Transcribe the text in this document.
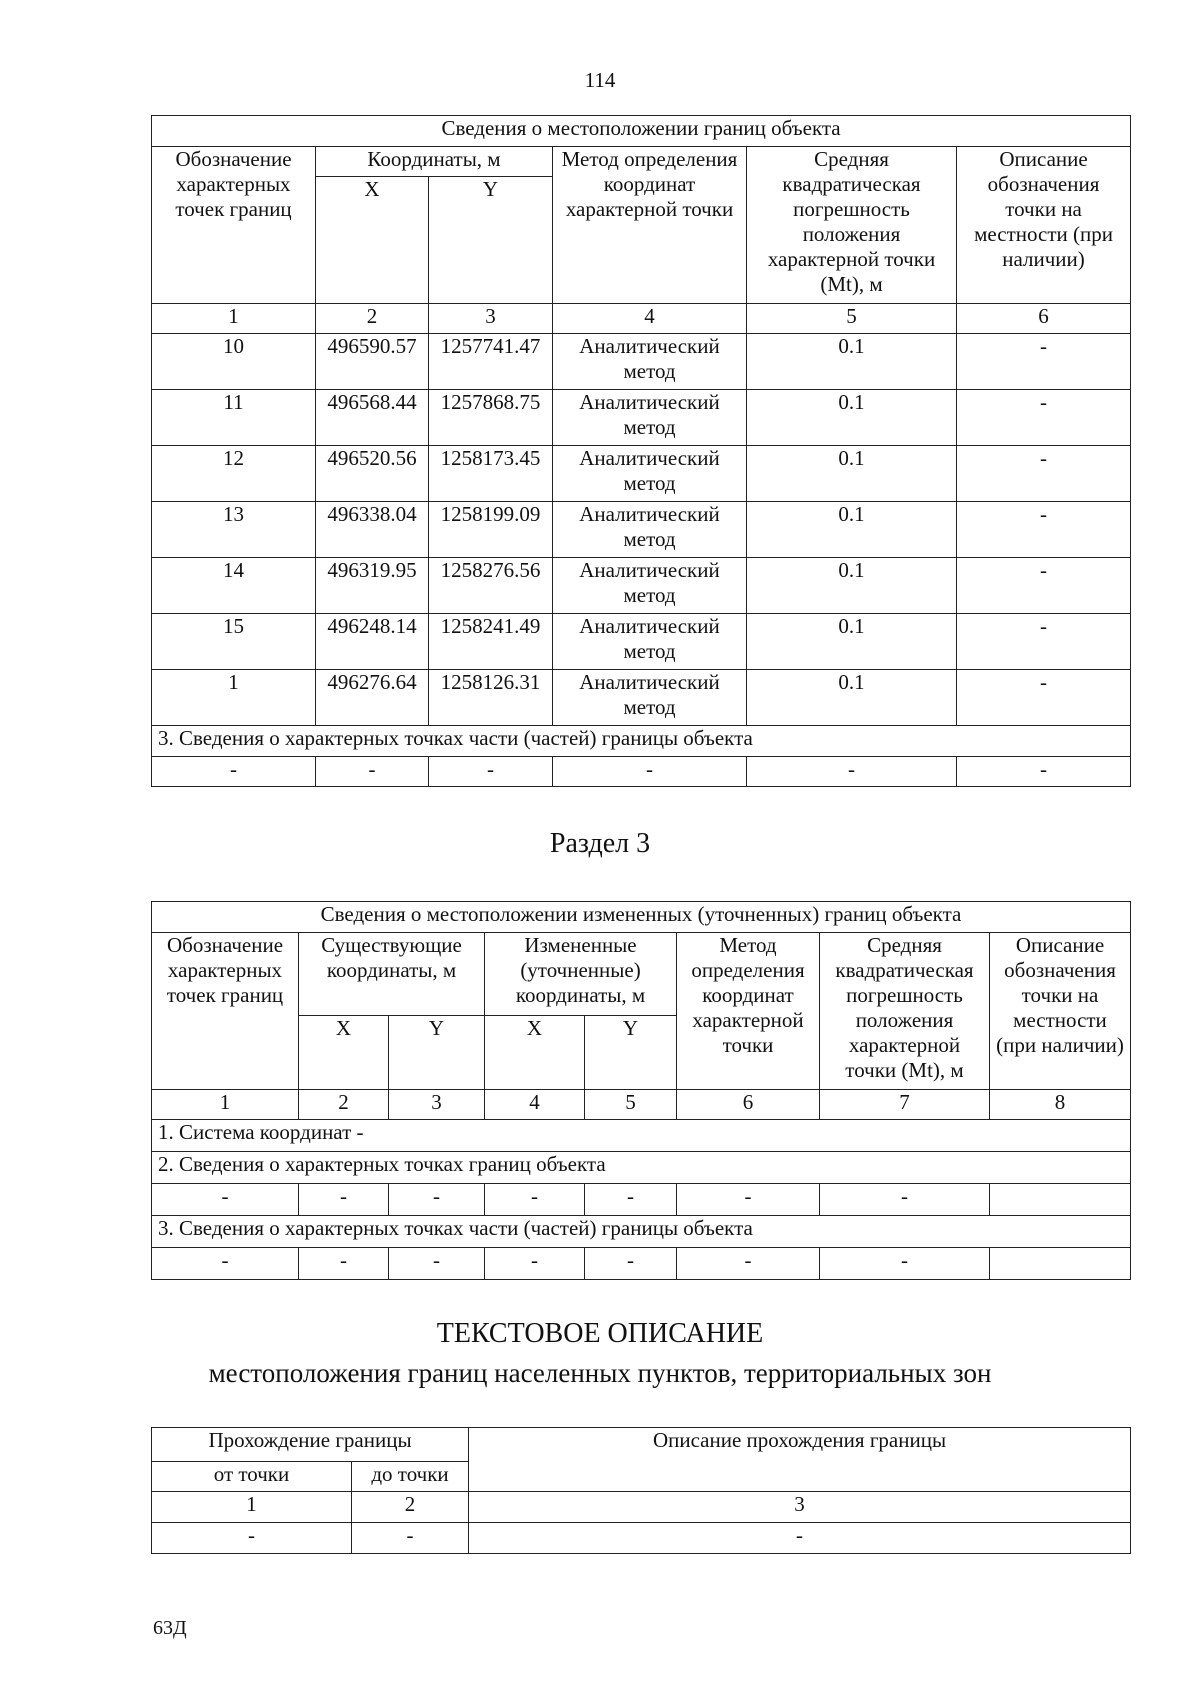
114
Сведения о местоположении границ объекта					
Обозначение характерных точек границ	Координаты, м		Метод определения координат характерной точки	Средняя квадратическая погрешность положения характерной точки (Mt), м	Описание обозначения точки на местности (при наличии)
	X	Y			
1	2	3	4	5	6
10	496590.57	1257741.47	Аналитический метод	0.1	-
11	496568.44	1257868.75	Аналитический метод	0.1	-
12	496520.56	1258173.45	Аналитический метод	0.1	-
13	496338.04	1258199.09	Аналитический метод	0.1	-
14	496319.95	1258276.56	Аналитический метод	0.1	-
15	496248.14	1258241.49	Аналитический метод	0.1	-
1	496276.64	1258126.31	Аналитический метод	0.1	-
3. Сведения о характерных точках части (частей) границы объекта					
-	-	-	-	-	-
Раздел 3
Сведения о местоположении измененных (уточненных) границ объекта							
Обозначение характерных точек границ	Существующие координаты, м		Измененные (уточненные) координаты, м		Метод определения координат характерной точки	Средняя квадратическая погрешность положения характерной точки (Mt), м	Описание обозначения точки на местности (при наличии)
	X	Y	X	Y			
1	2	3	4	5	6	7	8
1. Система координат -							
2. Сведения о характерных точках границ объекта							
-	-	-	-	-	-	-	
3. Сведения о характерных точках части (частей) границы объекта							
-	-	-	-	-	-	-	
ТЕКСТОВОЕ ОПИСАНИЕ
местоположения границ населенных пунктов, территориальных зон
Прохождение границы		Описание прохождения границы
от точки	до точки	
1	2	3
-	-	-
63Д
